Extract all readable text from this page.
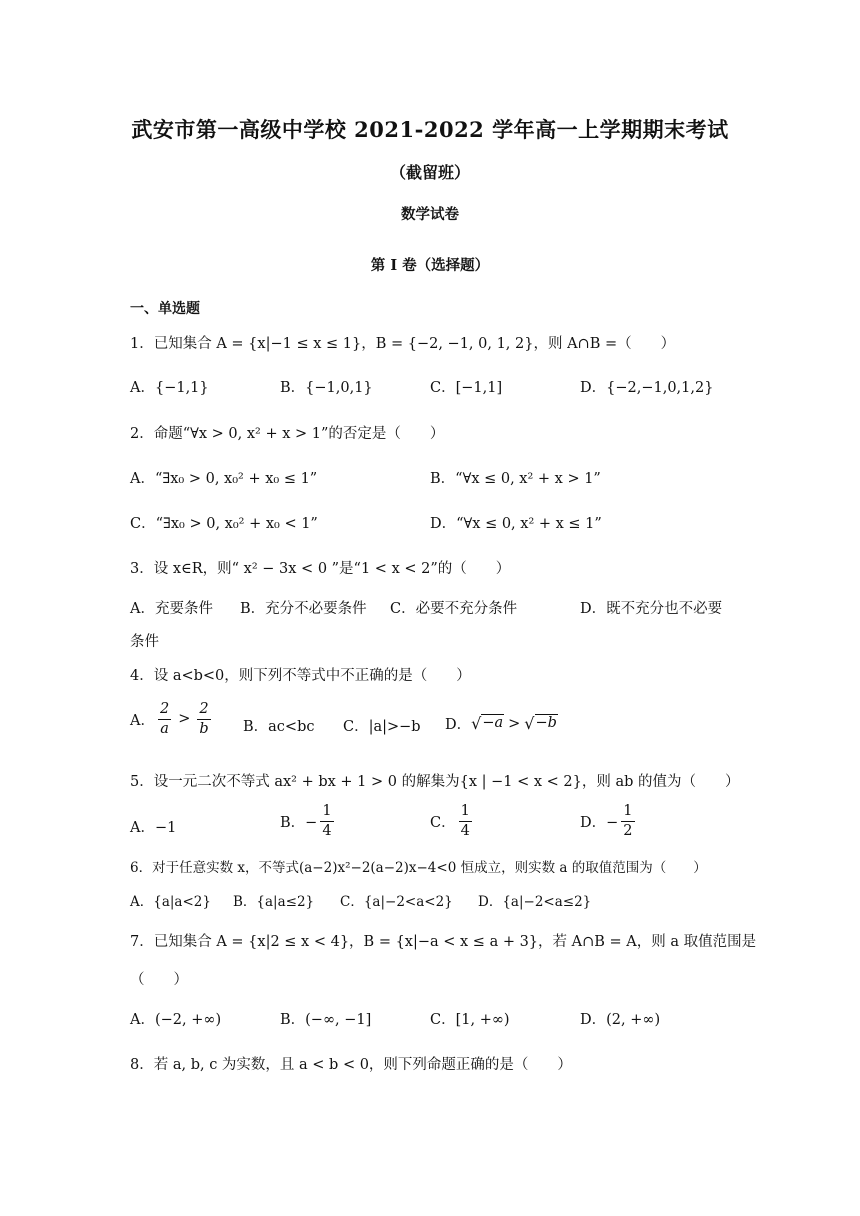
武安市第一高级中学校 2021-2022 学年高一上学期期末考试
（截留班）
数学试卷
第 I 卷（选择题）
一、单选题
1．已知集合 A = {x|−1 ≤ x ≤ 1}，B = {−2, −1, 0, 1, 2}，则 A∩B =（　　）
A．{−1,1}	B．{−1,0,1}	C．[−1,1]	D．{−2,−1,0,1,2}
2．命题“∀x > 0, x² + x > 1”的否定是（　　）
A．“∃x₀ > 0, x₀² + x₀ ≤ 1”	B．“∀x ≤ 0, x² + x > 1”
C．“∃x₀ > 0, x₀² + x₀ < 1”	D．“∀x ≤ 0, x² + x ≤ 1”
3．设 x∈R，则“ x² − 3x < 0 ”是“1 < x < 2”的（　　）
A．充要条件 B．充分不必要条件 C．必要不充分条件	D．既不充分也不必要
条件
4．设 a<b<0，则下列不等式中不正确的是（　　）
A． $\frac{2}{a} > \frac{2}{b}$ B．ac<bc C．|a|>−b D． √ −a > √ −b
5．设一元二次不等式 ax² + bx + 1 > 0 的解集为{x | −1 < x < 2}，则 ab 的值为（　　）
A．−1	B．− $\frac{1}{4}$	C． $\frac{1}{4}$	D．− $\frac{1}{2}$
6．对于任意实数 x，不等式(a−2)x²−2(a−2)x−4<0 恒成立，则实数 a 的取值范围为（　　）
A．{a|a<2} B．{a|a≤2} C．{a|−2<a<2} D．{a|−2<a≤2}
7．已知集合 A = {x|2 ≤ x < 4}，B = {x|−a < x ≤ a + 3}，若 A∩B = A，则 a 取值范围是
（　　）
A．(−2, +∞)	B．(−∞, −1]	C．[1, +∞)	D．(2, +∞)
8．若 a, b, c 为实数，且 a < b < 0，则下列命题正确的是（　　）
